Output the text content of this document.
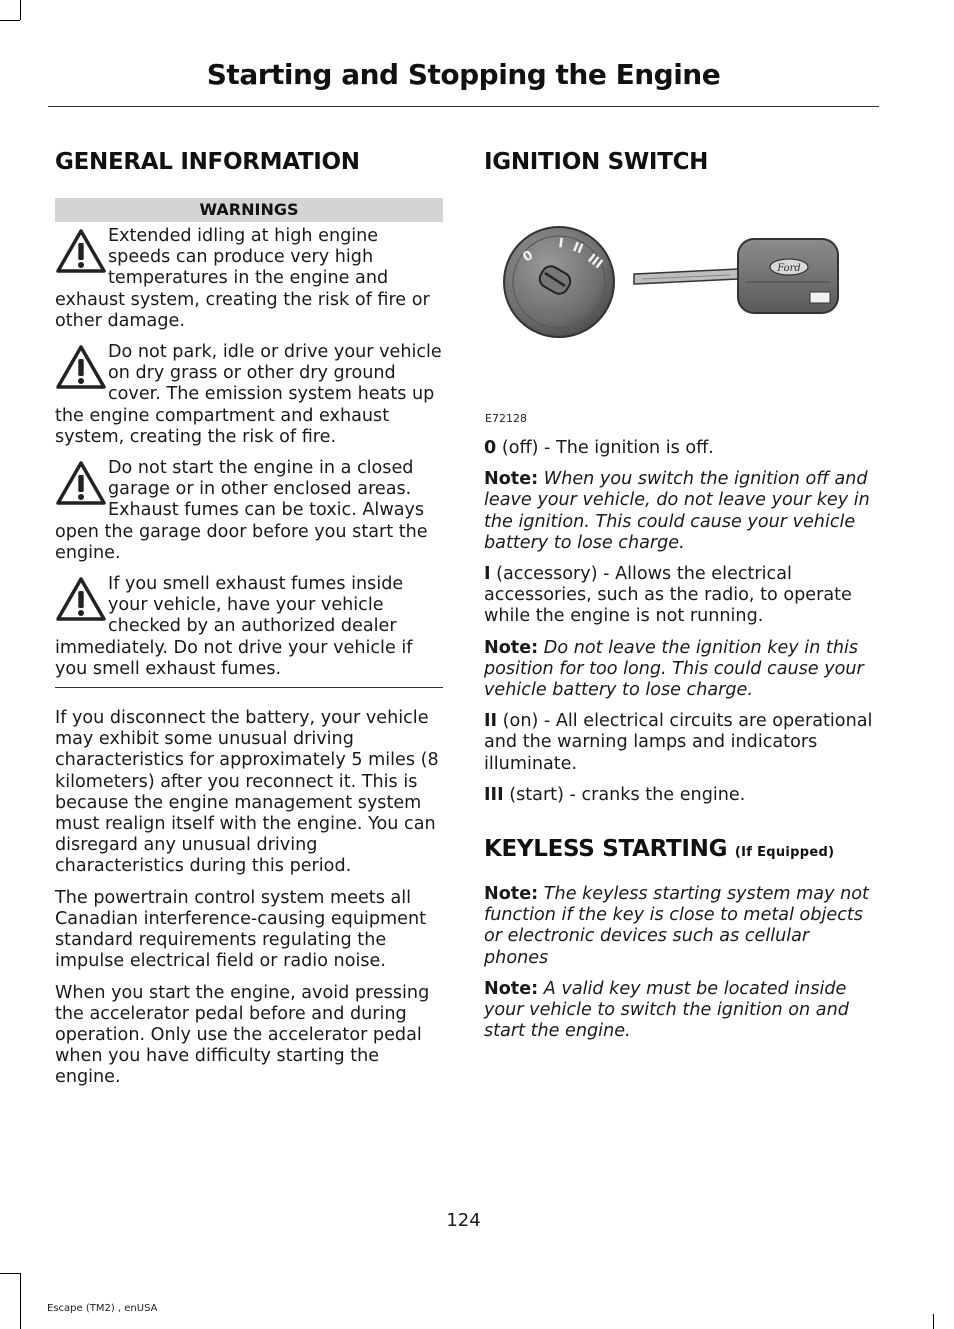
Starting and Stopping the Engine
GENERAL INFORMATION
WARNINGS
Extended idling at high engine speeds can produce very high temperatures in the engine and exhaust system, creating the risk of fire or other damage.
Do not park, idle or drive your vehicle on dry grass or other dry ground cover. The emission system heats up the engine compartment and exhaust system, creating the risk of fire.
Do not start the engine in a closed garage or in other enclosed areas. Exhaust fumes can be toxic. Always open the garage door before you start the engine.
If you smell exhaust fumes inside your vehicle, have your vehicle checked by an authorized dealer immediately. Do not drive your vehicle if you smell exhaust fumes.

If you disconnect the battery, your vehicle may exhibit some unusual driving characteristics for approximately 5 miles (8 kilometers) after you reconnect it. This is because the engine management system must realign itself with the engine. You can disregard any unusual driving characteristics during this period.

The powertrain control system meets all Canadian interference-causing equipment standard requirements regulating the impulse electrical field or radio noise.

When you start the engine, avoid pressing the accelerator pedal before and during operation. Only use the accelerator pedal when you have difficulty starting the engine.

IGNITION SWITCH
0
I II
III	Ford
E72128

0 (off) - The ignition is off.

Note: When you switch the ignition off and leave your vehicle, do not leave your key in the ignition. This could cause your vehicle battery to lose charge.

I (accessory) - Allows the electrical accessories, such as the radio, to operate while the engine is not running.

Note: Do not leave the ignition key in this position for too long. This could cause your vehicle battery to lose charge.

II (on) - All electrical circuits are operational and the warning lamps and indicators illuminate.

III (start) - cranks the engine.

KEYLESS STARTING (If Equipped)

Note: The keyless starting system may not function if the key is close to metal objects or electronic devices such as cellular phones

Note: A valid key must be located inside your vehicle to switch the ignition on and start the engine.

124
Escape (TM2) , enUSA
